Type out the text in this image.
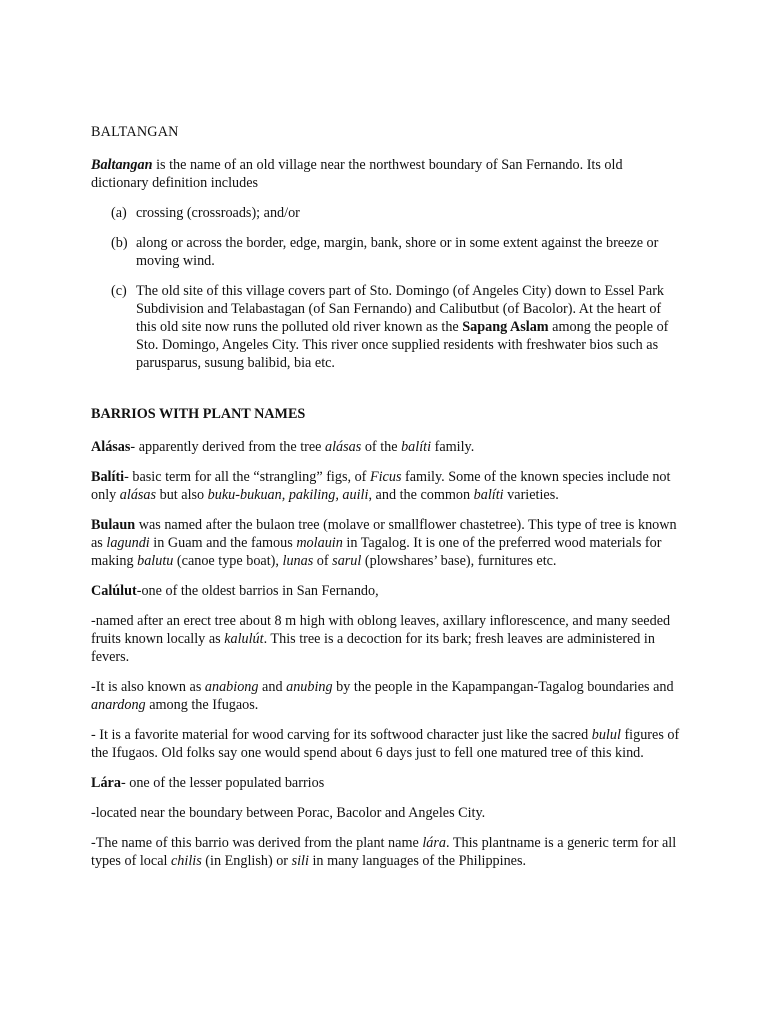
BALTANGAN

Baltangan is the name of an old village near the northwest boundary of San Fernando. Its old dictionary definition includes

(a) crossing (crossroads); and/or
(b) along or across the border, edge, margin, bank, shore or in some extent against the breeze or moving wind.
(c) The old site of this village covers part of Sto. Domingo (of Angeles City) down to Essel Park Subdivision and Telabastagan (of San Fernando) and Calibutbut (of Bacolor). At the heart of this old site now runs the polluted old river known as the Sapang Aslam among the people of Sto. Domingo, Angeles City. This river once supplied residents with freshwater bios such as parusparus, susung balibid, bia etc.

BARRIOS WITH PLANT NAMES

Alásas- apparently derived from the tree alásas of the balíti family.

Balíti- basic term for all the “strangling” figs, of Ficus family. Some of the known species include not only alásas but also buku-bukuan, pakiling, auili, and the common balíti varieties.

Bulaun was named after the bulaon tree (molave or smallflower chastetree). This type of tree is known as lagundi in Guam and the famous molauin in Tagalog. It is one of the preferred wood materials for making balutu (canoe type boat), lunas of sarul (plowshares’ base), furnitures etc.

Calúlut-one of the oldest barrios in San Fernando,

-named after an erect tree about 8 m high with oblong leaves, axillary inflorescence, and many seeded fruits known locally as kalulút. This tree is a decoction for its bark; fresh leaves are administered in fevers.

-It is also known as anabiong and anubing by the people in the Kapampangan-Tagalog boundaries and anardong among the Ifugaos.

- It is a favorite material for wood carving for its softwood character just like the sacred bulul figures of the Ifugaos. Old folks say one would spend about 6 days just to fell one matured tree of this kind.

Lára- one of the lesser populated barrios

-located near the boundary between Porac, Bacolor and Angeles City.

-The name of this barrio was derived from the plant name lára. This plantname is a generic term for all types of local chilis (in English) or sili in many languages of the Philippines.
